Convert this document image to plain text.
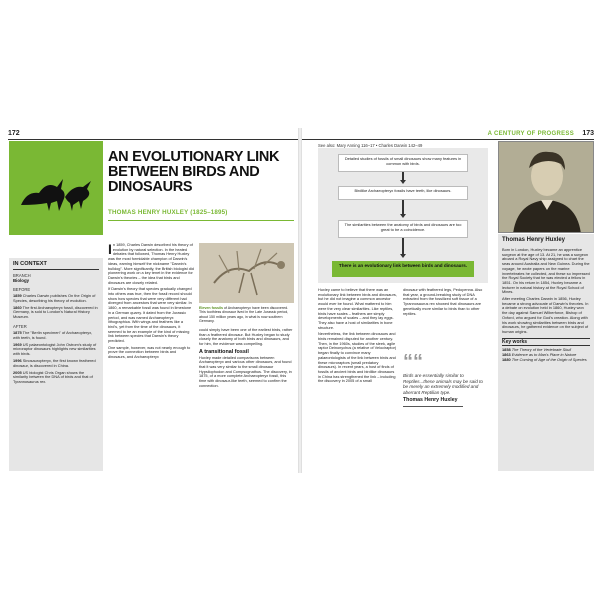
172
AN EVOLUTIONARY LINK BETWEEN BIRDS AND DINOSAURS
THOMAS HENRY HUXLEY (1825–1895)
IN CONTEXT
BRANCH
Biology
BEFORE
1859 Charles Darwin publishes On the Origin of Species, describing his theory of evolution.
1860 The first Archaeopteryx fossil, discovered in Germany, is sold to London's Natural History Museum.
AFTER
1875 The "Berlin specimen" of Archaeopteryx, with teeth, is found.
1969 US palaeontologist John Ostrom's study of microraptor dinosaurs highlights new similarities with birds.
1996 Sinosauropteryx, the first known feathered dinosaur, is discovered in China.
2005 US biologist Chris Organ shows the similarity between the DNA of birds and that of Tyrannosaurus rex.
In 1859, Charles Darwin described his theory of evolution by natural selection. In the heated debates that followed, Thomas Henry Huxley was the most formidable champion of Darwin's ideas, earning himself the nickname "Darwin's bulldog". More significantly, the British biologist did pioneering work on a key tenet in the evidence for Darwin's theories – the idea that birds and dinosaurs are closely related.

If Darwin's theory that species gradually changed into others was true, then the fossil record should show how species that were very different had diverged from ancestors that were very similar. In 1860, a remarkable fossil was found in limestone in a German quarry. It dated from the Jurassic period, and was named Archaeopteryx lithographica. With wings and feathers like a bird's, yet from the time of the dinosaurs, it seemed to be an example of the kind of missing link between species that Darwin's theory predicted.

One sample, however, was not nearly enough to prove the connection between birds and dinosaurs, and Archaeopteryx

Eleven fossils of Archaeopteryx have been discovered. This toothless dinosaur lived in the Late Jurassic period, about 150 million years ago, in what is now southern Germany.

could simply have been one of the earliest birds, rather than a feathered dinosaur. But Huxley began to study closely the anatomy of both birds and dinosaurs, and for him, the evidence was compelling.

A transitional fossil

Huxley made detailed comparisons between Archaeopteryx and various other dinosaurs, and found that it was very similar to the small dinosaur Hypsilophodon and Compsognathus. The discovery, in 1875, of a more complete Archaeopteryx fossil, this time with dinosaur-like teeth, seemed to confirm the connection.

A CENTURY OF PROGRESS 173
See also: Mary Anning 116–17 • Charles Darwin 142–49
Detailed studies of fossils of small dinosaurs show many features in common with birds.
Birdlike Archaeopteryx fossils have teeth, like dinosaurs.
The similarities between the anatomy of birds and dinosaurs are too great to be a coincidence.
There is an evolutionary link between birds and dinosaurs.

Huxley came to believe that there was an evolutionary link between birds and dinosaurs, but he did not imagine a common ancestor would ever be found. What mattered to him were the very clear similarities. Like reptiles, birds have scales – feathers are simply developments of scales – and they lay eggs. They also have a host of similarities in bone structure.

Nevertheless, the link between dinosaurs and birds remained disputed for another century. Then, in the 1960s, studies of the sleek, agile raptor Deinonychus (a relative of Velociraptor) began finally to convince many palaeontologists of the link between birds and these microraptors (small predatory dinosaurs). In recent years, a host of finds of fossils of ancient birds and birdlike dinosaurs in China has strengthened the link – including the discovery in 2005 of a small

dinosaur with feathered legs, Pedopenna. Also that year, a ground-breaking study of DNA extracted from the fossilized soft tissue of a Tyrannosaurus rex showed that dinosaurs are genetically more similar to birds than to other reptiles.

““
Birds are essentially similar to Reptiles...these animals may be said to be merely an extremely modified and aberrant Reptilian type.
Thomas Henry Huxley
Thomas Henry Huxley

Born in London, Huxley became an apprentice surgeon at the age of 13. At 21, he was a surgeon aboard a Royal Navy ship assigned to chart the seas around Australia and New Guinea. During the voyage, he wrote papers on the marine invertebrates he collected, and these so impressed the Royal Society that he was elected a fellow in 1851. On his return in 1854, Huxley became a lecturer in natural history at the Royal School of Mines.

After meeting Charles Darwin in 1856, Huxley became a strong advocate of Darwin's theories. In a debate on evolution held in 1860, Huxley won the day against Samuel Wilberforce, Bishop of Oxford, who argued for God's creation. Along with his work showing similarities between birds and dinosaurs, he gathered evidence on the subject of human origins.

Key works
1858 The Theory of the Vertebrate Skull
1863 Evidence as to Man's Place in Nature
1880 The Coming of Age of the Origin of Species
